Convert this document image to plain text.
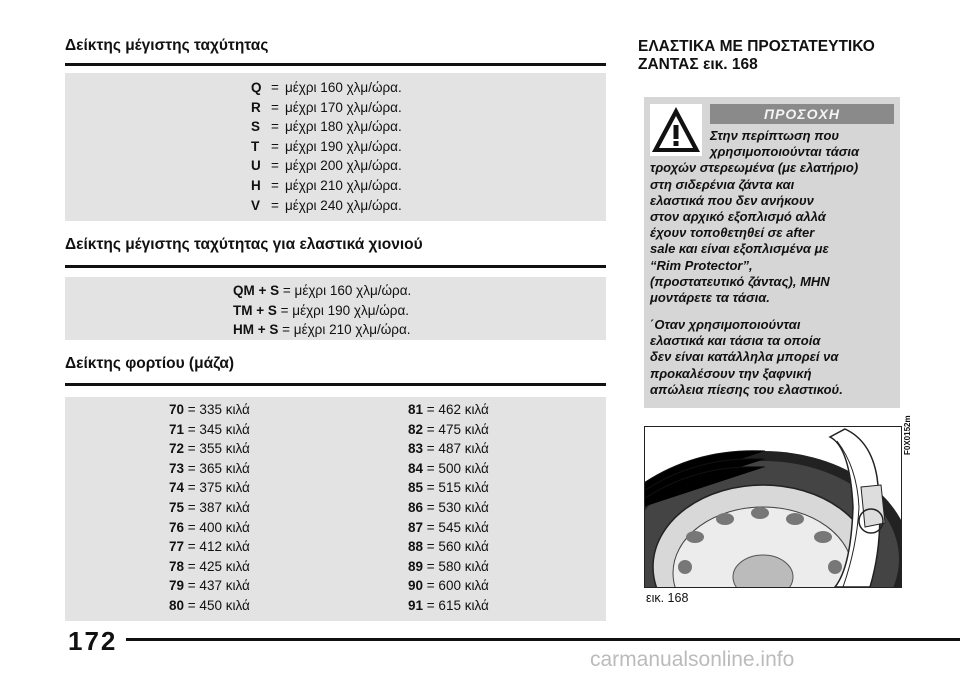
Δείκτης μέγιστης ταχύτητας
Q = μέχρι 160 χλμ/ώρα.
R = μέχρι 170 χλμ/ώρα.
S = μέχρι 180 χλμ/ώρα.
T = μέχρι 190 χλμ/ώρα.
U = μέχρι 200 χλμ/ώρα.
H = μέχρι 210 χλμ/ώρα.
V = μέχρι 240 χλμ/ώρα.
Δείκτης μέγιστης ταχύτητας για ελαστικά χιονιού
QM + S = μέχρι 160 χλμ/ώρα.
TM + S = μέχρι 190 χλμ/ώρα.
HM + S = μέχρι 210 χλμ/ώρα.
Δείκτης φορτίου (μάζα)
70 = 335 κιλά
71 = 345 κιλά
72 = 355 κιλά
73 = 365 κιλά
74 = 375 κιλά
75 = 387 κιλά
76 = 400 κιλά
77 = 412 κιλά
78 = 425 κιλά
79 = 437 κιλά
80 = 450 κιλά
81 = 462 κιλά
82 = 475 κιλά
83 = 487 κιλά
84 = 500 κιλά
85 = 515 κιλά
86 = 530 κιλά
87 = 545 κιλά
88 = 560 κιλά
89 = 580 κιλά
90 = 600 κιλά
91 = 615 κιλά
ΕΛΑΣΤΙΚΑ ΜΕ ΠΡΟΣΤΑΤΕΥΤΙΚΟ
ΖΑΝΤΑΣ εικ. 168
ΠΡΟΣΟΧΗ
Στην περίπτωση που
χρησιμοποιούνται τάσια
τροχών στερεωμένα (με ελατήριο)
στη σιδερένια ζάντα και
ελαστικά που δεν ανήκουν
στον αρχικό εξοπλισμό αλλά
έχουν τοποθετηθεί σε after
sale και είναι εξοπλισμένα με
“Rim Protector”,
(προστατευτικό ζάντας), ΜΗΝ
μοντάρετε τα τάσια.
΄Οταν χρησιμοποιούνται
ελαστικά και τάσια τα οποία
δεν είναι κατάλληλα μπορεί να
προκαλέσουν την ξαφνική
απώλεια πίεσης του ελαστικού.
F0X0152m
εικ. 168
172
carmanualsonline.info
